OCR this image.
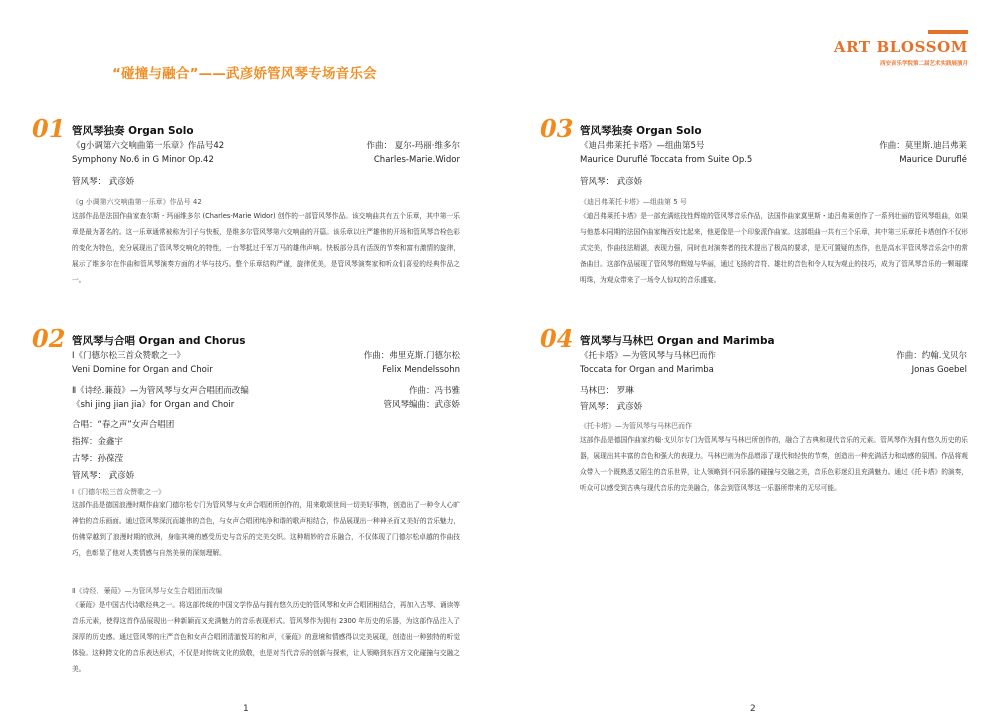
“碰撞与融合”——武彦娇管风琴专场音乐会
ART BLOSSOM
西安音乐学院第二届艺术实践展演月
01 管风琴独奏 Organ Solo
《g小调第六交响曲第一乐章》作品号42
Symphony No.6 in G Minor Op.42
作曲： 夏尔-玛丽·维多尔
Charles-Marie.Widor
管风琴： 武彦娇
《g 小调第六交响曲第一乐章》作品号 42
这部作品是法国作曲家查尔斯 - 玛丽维多尔 (Charles-Marie Widor) 创作的一部管风琴作品。该交响曲共有五个乐章，其中第一乐章是最为著名的。这一乐章通常被称为引子与快板，是维多尔管风琴第六交响曲的开篇。该乐章以庄严雄伟的开场和管风琴音栓色彩的变化为特色，充分展现出了管风琴交响化的特性，一台琴抵过千军万马的雄伟声响。快板部分具有活泼的节奏和富有激情的旋律，展示了维多尔在作曲和管风琴演奏方面的才华与技巧。整个乐章结构严谨，旋律优美，是管风琴演奏家和听众们喜爱的经典作品之一。
02 管风琴与合唱 Organ and Chorus
Ⅰ《门德尔松三首众赞歌之一》
Veni Domine for Organ and Choir
作曲：弗里克斯.门德尔松
Felix Mendelssohn
Ⅱ《诗经.蒹葭》—为管风琴与女声合唱团而改编
《shi jing jian jia》for Organ and Choir
作曲：冯书雅
管风琴编曲：武彦娇
合唱：“春之声”女声合唱团
指挥：金鑫宇
古琴：孙葆滢
管风琴： 武彦娇
Ⅰ《门德尔松三首众赞歌之一》
这部作品是德国浪漫时期作曲家门德尔松专门为管风琴与女声合唱团所创作的，用来歌颂世间一切美好事物，创造出了一种令人心旷神怡的音乐画面。通过管风琴深沉而雄伟的音色，与女声合唱团纯净和谐的歌声相结合，作品展现出一种神圣而又美好的音乐魅力，仿佛穿越到了浪漫时期的欧洲，身临其境的感受历史与音乐的完美交织。这种精妙的音乐融合，不仅体现了门德尔松卓越的作曲技巧，也彰显了他对人类情感与自然美景的深刻理解。
Ⅱ《诗经．蒹葭》—为管风琴与女生合唱团而改编
《蒹葭》是中国古代诗歌经典之一。将这部传统的中国文学作品与拥有悠久历史的管风琴和女声合唱团相结合，再加入古琴、诵读等音乐元素，使得这首作品展现出一种新颖而又充满魅力的音乐表现形式。管风琴作为拥有 2300 年历史的乐器，为这部作品注入了深厚的历史感。通过管风琴的庄严音色和女声合唱团清澈悦耳的和声，《蒹葭》的意境和情感得以完美展现，创造出一种独特的听觉体验。这种跨文化的音乐表达形式，不仅是对传统文化的致敬，也是对当代音乐的创新与探索，让人领略到东西方文化碰撞与交融之美。
03 管风琴独奏 Organ Solo
《迪吕弗莱托卡塔》—组曲第5号
Maurice Duruflé Toccata from Suite Op.5
作曲：莫里斯.迪吕弗莱
Maurice Duruflé
管风琴： 武彦娇
《迪吕弗莱托卡塔》—组曲第 5 号
《迪吕弗莱托卡塔》是一部充满炫技性辉煌的管风琴音乐作品，法国作曲家莫里斯・迪吕弗莱创作了一系列壮丽的管风琴组曲，如果与他基本同期的法国作曲家梅西安比起来，他更像是一个印象派作曲家。这部组曲一共有三个乐章，其中第三乐章托卡塔创作不仅形式完美，作曲技法精湛，表现力强，同时也对演奏者的技术提出了极高的要求，是无可置疑的杰作，也是高水平管风琴音乐会中的常备曲目。这部作品展现了管风琴的辉煌与华丽，通过飞扬的音符、雄壮的音色和令人叹为观止的技巧，成为了管风琴音乐的一颗璀璨明珠，为观众带来了一场令人惊叹的音乐盛宴。
04 管风琴与马林巴 Organ and Marimba
《托卡塔》—为管风琴与马林巴而作
Toccata for Organ and Marimba
作曲：约翰.戈贝尔
Jonas Goebel
马林巴： 罗琳
管风琴： 武彦娇
《托卡塔》—为管风琴与马林巴而作
这部作品是德国作曲家约翰·戈贝尔专门为管风琴与马林巴所创作的，融合了古典和现代音乐的元素。管风琴作为拥有悠久历史的乐器，展现出其丰富的音色和强大的表现力。马林巴则为作品增添了现代和轻快的节奏，创造出一种充满活力和动感的氛围。作品将观众带入一个既熟悉又陌生的音乐世界，让人领略到不同乐器的碰撞与交融之美，音乐色彩迷幻且充满魅力。通过《托卡塔》的演奏，听众可以感受到古典与现代音乐的完美融合，体会到管风琴这一乐器所带来的无尽可能。
1	2
